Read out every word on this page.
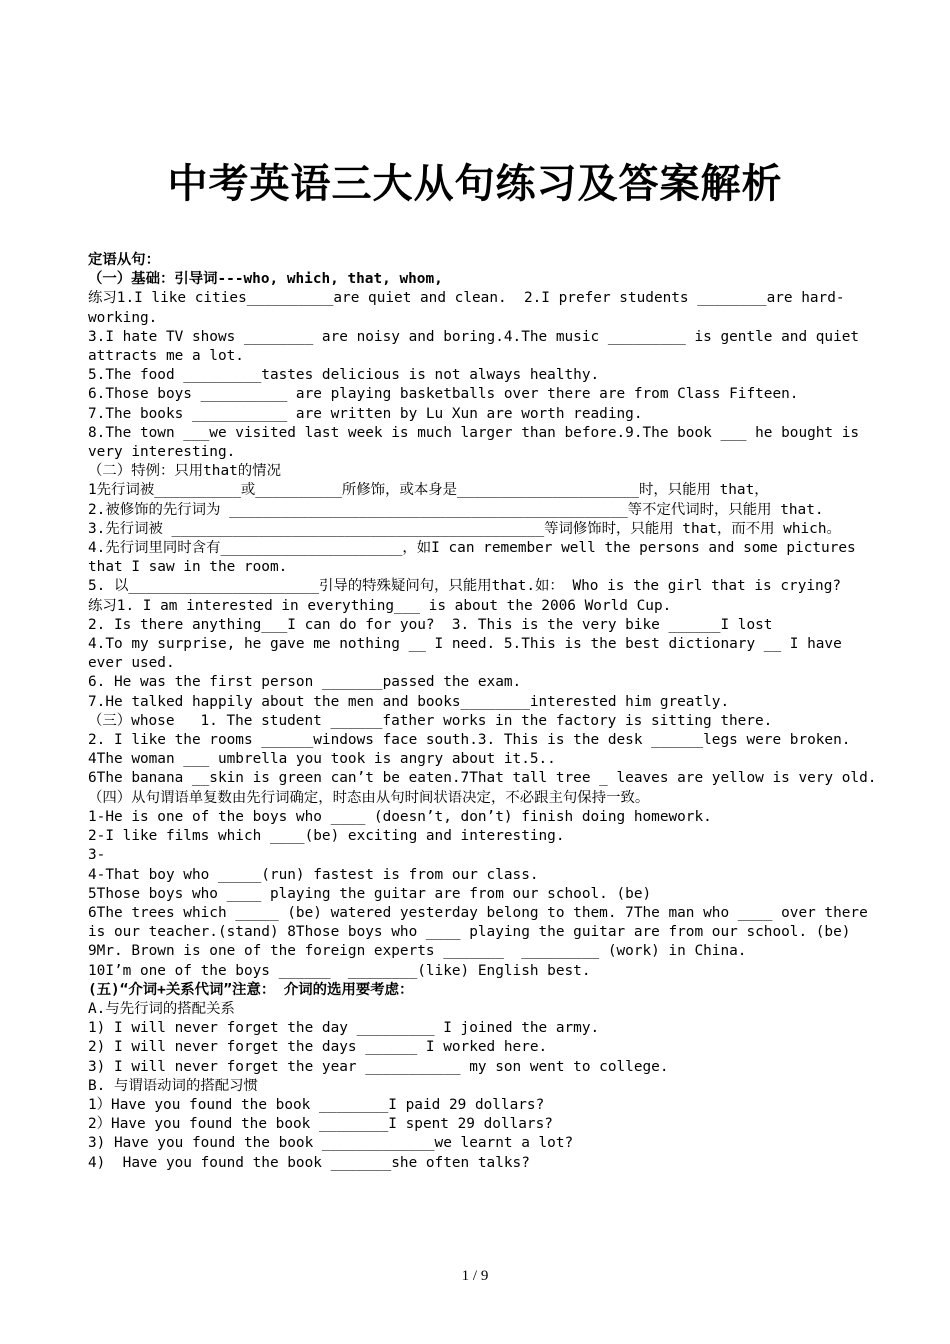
中考英语三大从句练习及答案解析
定语从句：
（一）基础：引导词---who, which, that, whom,
练习1.I like cities__________are quiet and clean.  2.I prefer students ________are hard-working.
3.I hate TV shows ________ are noisy and boring.4.The music _________ is gentle and quiet attracts me a lot.
5.The food _________tastes delicious is not always healthy.
6.Those boys __________ are playing basketballs over there are from Class Fifteen.
7.The books ___________ are written by Lu Xun are worth reading.
8.The town ___we visited last week is much larger than before.9.The book ___ he bought is very interesting.
（二）特例：只用that的情况
1先行词被__________或__________所修饰，或本身是_____________________时，只能用 that，
2.被修饰的先行词为 ______________________________________________等不定代词时，只能用 that.
3.先行词被 ___________________________________________等词修饰时，只能用 that，而不用 which。
4.先行词里同时含有_____________________，如I can remember well the persons and some pictures that I saw in the room.
5. 以______________________引导的特殊疑问句，只能用that.如： Who is the girl that is crying?
练习1. I am interested in everything___ is about the 2006 World Cup.
2. Is there anything___I can do for you?  3. This is the very bike ______I lost
4.To my surprise, he gave me nothing __ I need. 5.This is the best dictionary __ I have ever used.
6. He was the first person _______passed the exam.
7.He talked happily about the men and books________interested him greatly.
（三）whose   1. The student ______father works in the factory is sitting there.
2. I like the rooms ______windows face south.3. This is the desk ______legs were broken.
4The woman ___ umbrella you took is angry about it.5..
6The banana __skin is green can’t be eaten.7That tall tree _ leaves are yellow is very old.
（四）从句谓语单复数由先行词确定，时态由从句时间状语决定，不必跟主句保持一致。
1-He is one of the boys who ____ (doesn’t, don’t) finish doing homework.
2-I like films which ____(be) exciting and interesting.
3-
4-That boy who _____(run) fastest is from our class.
5Those boys who ____ playing the guitar are from our school. (be)
6The trees which _____ (be) watered yesterday belong to them. 7The man who ____ over there is our teacher.(stand) 8Those boys who ____ playing the guitar are from our school. (be)
9Mr. Brown is one of the foreign experts _______  _________ (work) in China.
10I’m one of the boys ______  ________(like) English best.
(五)“介词+关系代词”注意： 介词的选用要考虑：
A.与先行词的搭配关系
1) I will never forget the day _________ I joined the army.
2) I will never forget the days ______ I worked here.
3) I will never forget the year ___________ my son went to college.
B. 与谓语动词的搭配习惯
1）Have you found the book ________I paid 29 dollars?
2）Have you found the book ________I spent 29 dollars?
3) Have you found the book _____________we learnt a lot?
4)  Have you found the book _______she often talks?
1 / 9
